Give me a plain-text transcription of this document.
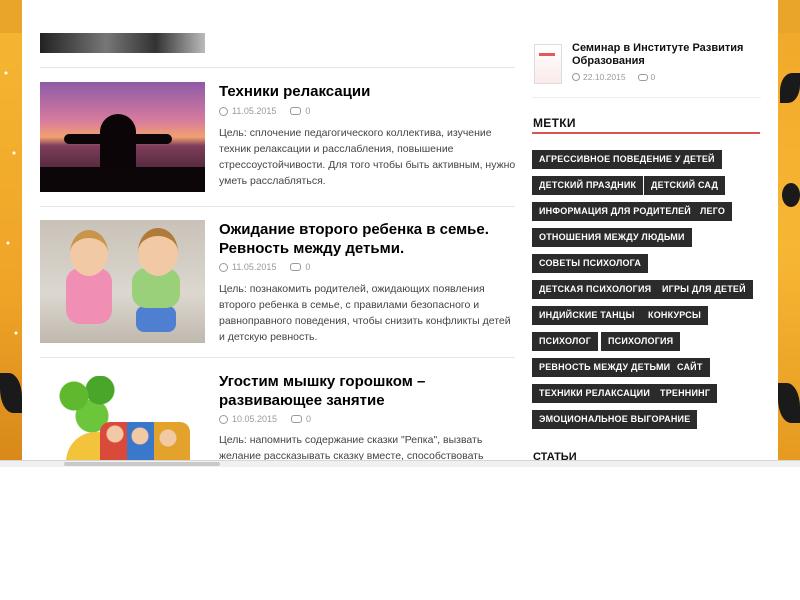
Техники релаксации
11.05.2015	0

Цель: сплочение педагогического коллектива, изучение техник релаксации и расслабления, повышение стрессоустойчивости. Для того чтобы быть активным, нужно уметь расслабляться.

Ожидание второго ребенка в семье. Ревность между детьми.
11.05.2015	0

Цель: познакомить родителей, ожидающих появления второго ребенка в семье, с правилами безопасного и равноправного поведения, чтобы снизить конфликты детей и детскую ревность.

Угостим мышку горошком – развивающее занятие
10.05.2015	0

Цель: напомнить содержание сказки "Репка", вызвать желание рассказывать сказку вместе, способствовать

Семинар в Институте Развития Образования
22.10.2015	0
МЕТКИ
АГРЕССИВНОЕ ПОВЕДЕНИЕ У ДЕТЕЙ
ДЕТСКИЙ ПРАЗДНИК	ДЕТСКИЙ САД
ИНФОРМАЦИЯ ДЛЯ РОДИТЕЛЕЙ	ЛЕГО
ОТНОШЕНИЯ МЕЖДУ ЛЮДЬМИ
СОВЕТЫ ПСИХОЛОГА
ДЕТСКАЯ ПСИХОЛОГИЯ	ИГРЫ ДЛЯ ДЕТЕЙ
ИНДИЙСКИЕ ТАНЦЫ	КОНКУРСЫ
ПСИХОЛОГ	ПСИХОЛОГИЯ
РЕВНОСТЬ МЕЖДУ ДЕТЬМИ САЙТ
ТЕХНИКИ РЕЛАКСАЦИИ	ТРЕННИНГ
ЭМОЦИОНАЛЬНОЕ ВЫГОРАНИЕ
СТАТЬИ
